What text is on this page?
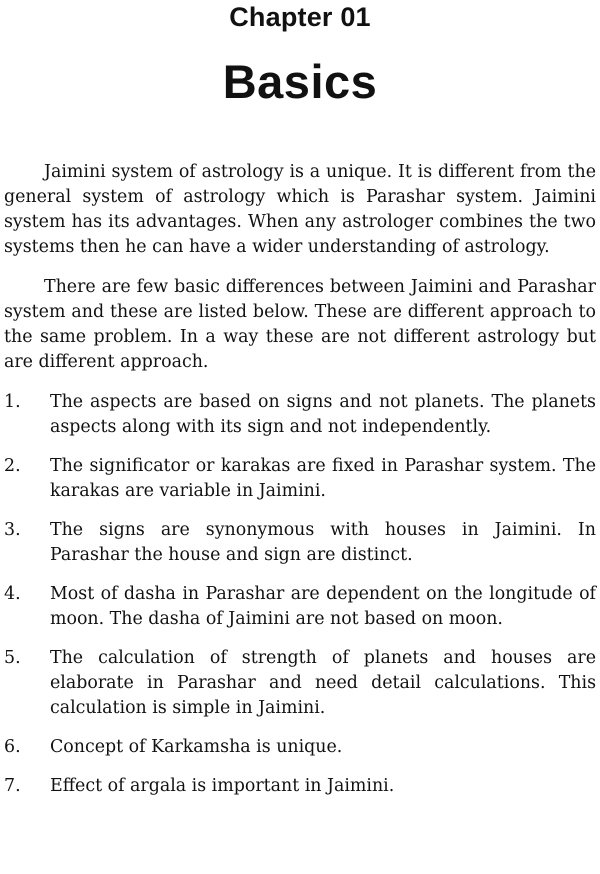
Chapter 01
Basics

Jaimini system of astrology is a unique. It is different from the general system of astrology which is Parashar system. Jaimini system has its advantages. When any astrologer combines the two systems then he can have a wider understanding of astrology.

There are few basic differences between Jaimini and Parashar system and these are listed below. These are different approach to the same problem. In a way these are not different astrology but are different approach.

1. The aspects are based on signs and not planets. The planets aspects along with its sign and not independently.
2. The significator or karakas are fixed in Parashar system. The karakas are variable in Jaimini.
3. The signs are synonymous with houses in Jaimini. In Parashar the house and sign are distinct.
4. Most of dasha in Parashar are dependent on the longitude of moon. The dasha of Jaimini are not based on moon.
5. The calculation of strength of planets and houses are elaborate in Parashar and need detail calculations. This calculation is simple in Jaimini.
6. Concept of Karkamsha is unique.
7. Effect of argala is important in Jaimini.
